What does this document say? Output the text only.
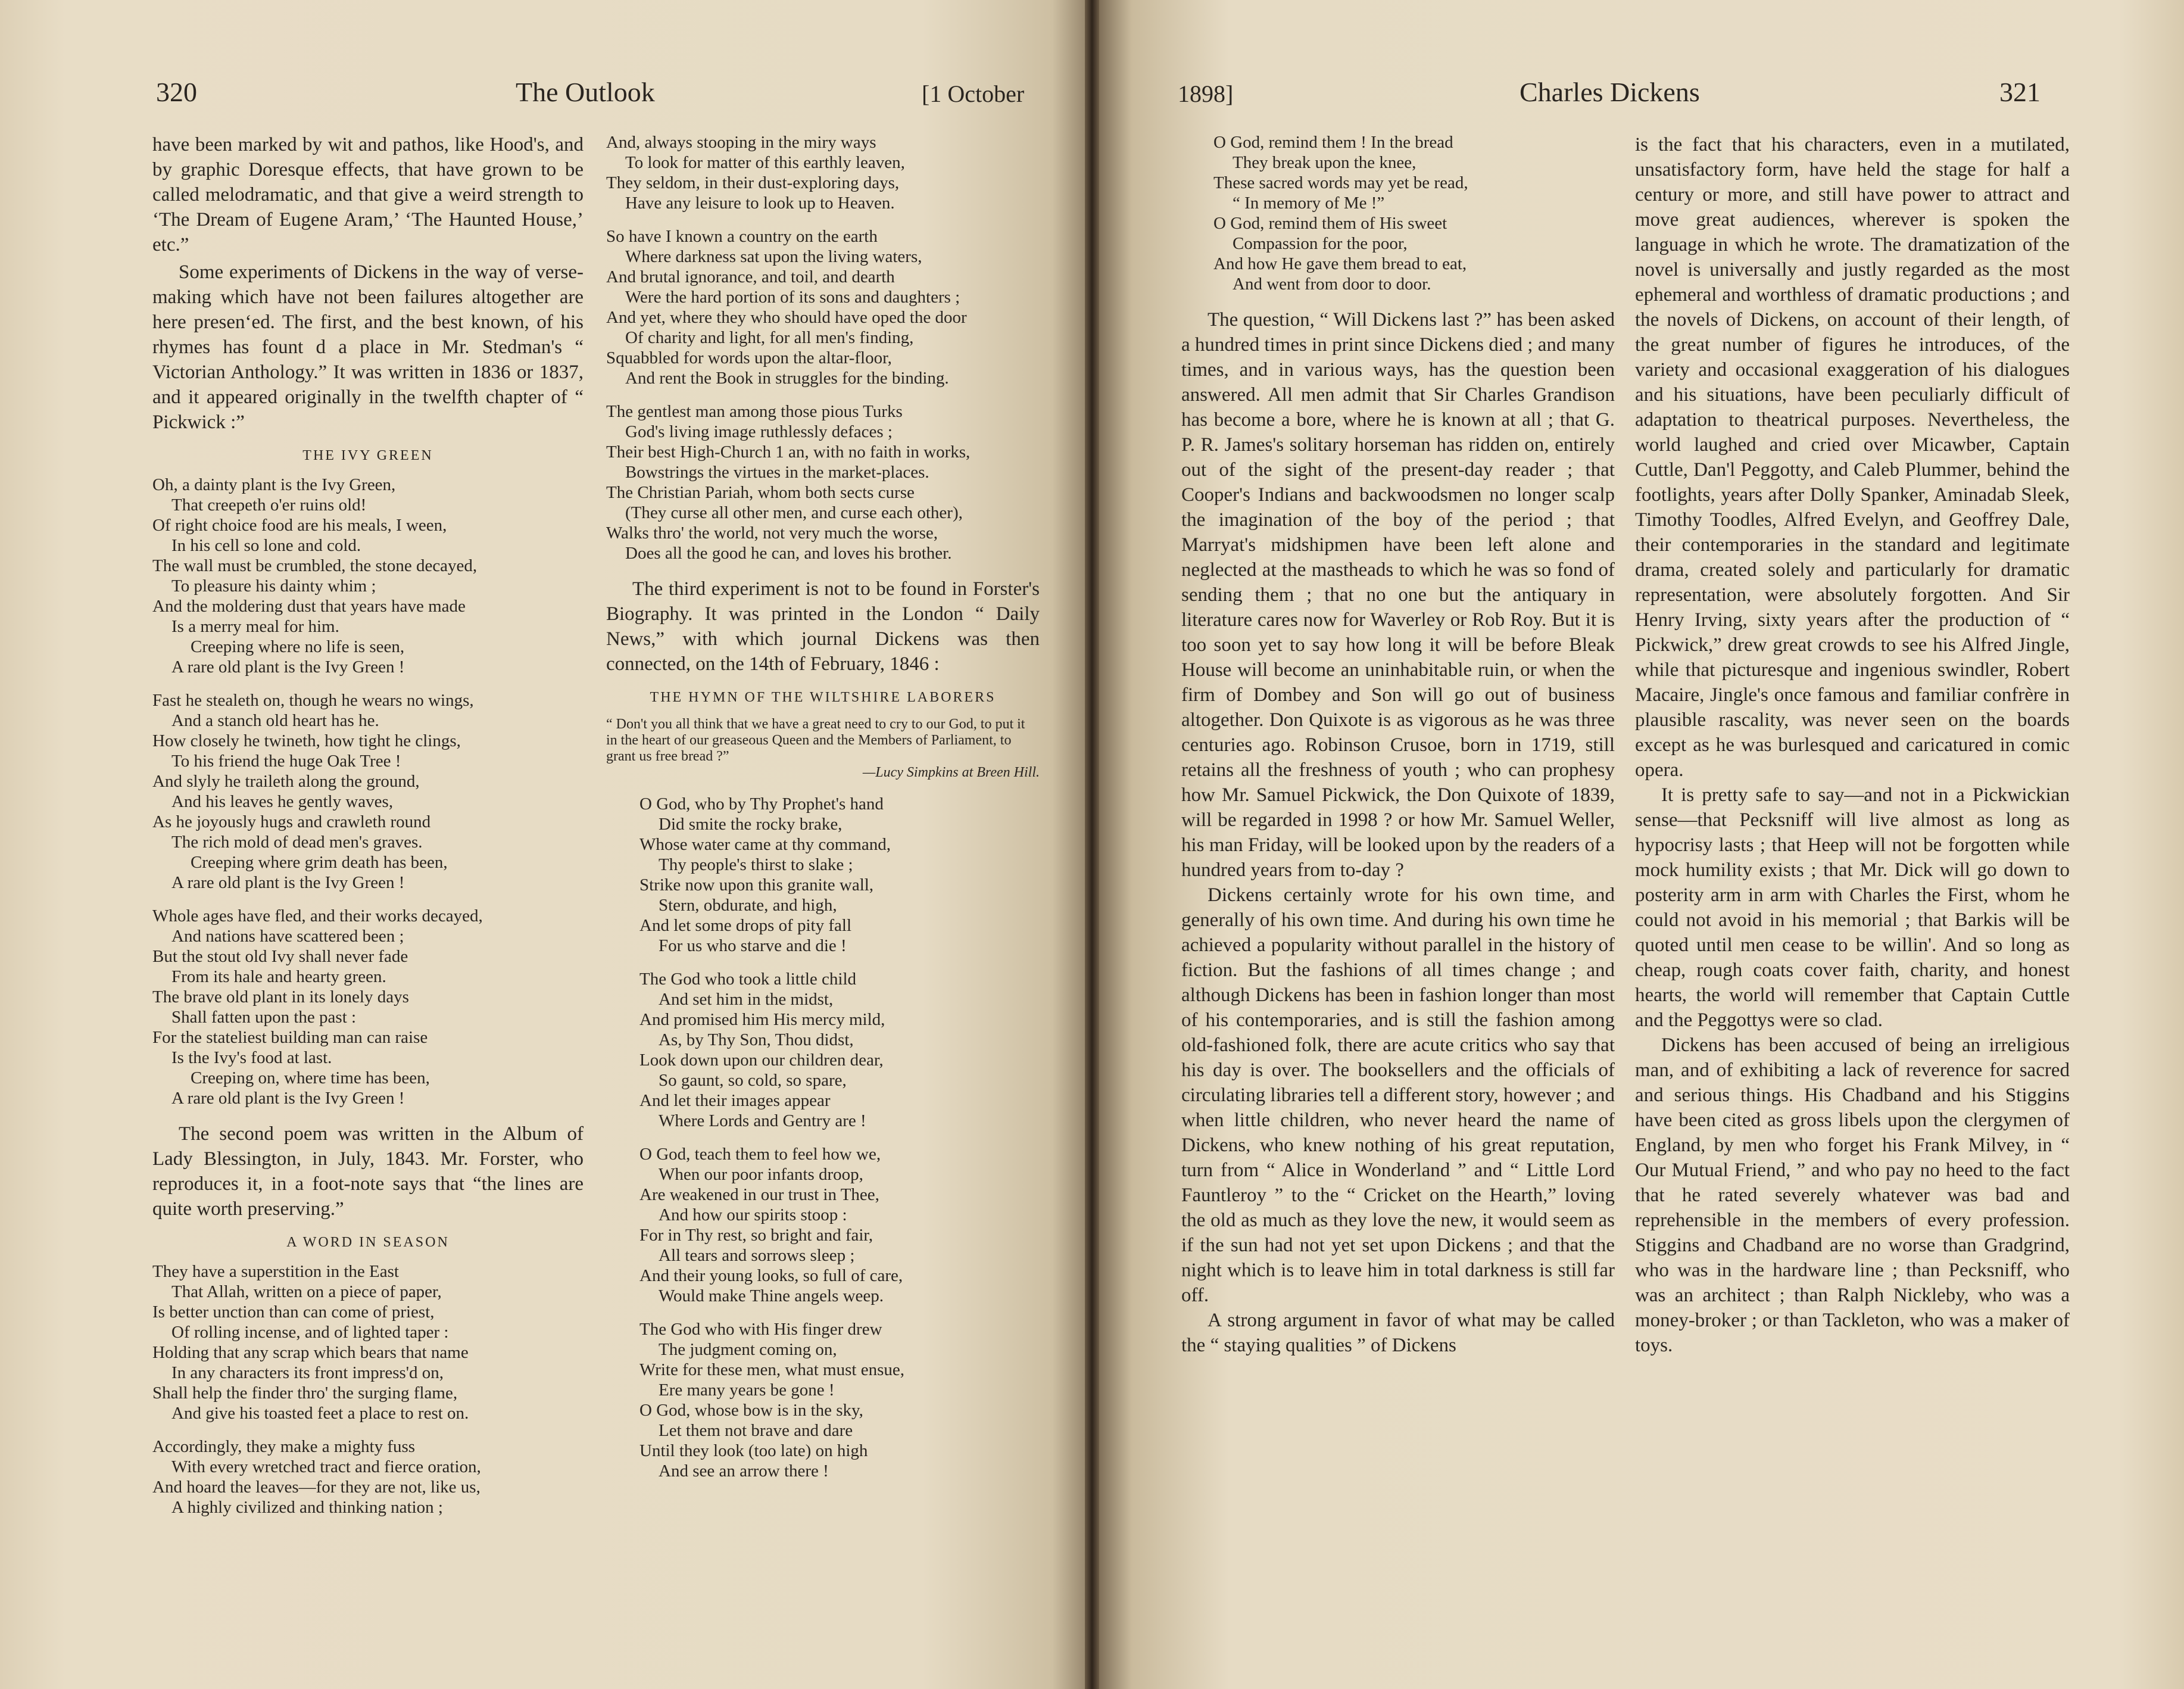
320	The Outlook	[1 October

have been marked by wit and pathos, like Hood's, and by graphic Doresque effects, that have grown to be called melodramatic, and that give a weird strength to ‘The Dream of Eugene Aram,’ ‘The Haunted House,’ etc.”

Some experiments of Dickens in the way of verse-making which have not been failures altogether are here presen‘ed. The first, and the best known, of his rhymes has fount d a place in Mr. Stedman's “ Victorian Anthology.” It was written in 1836 or 1837, and it appeared originally in the twelfth chapter of “ Pickwick :”

THE IVY GREEN
Oh, a dainty plant is the Ivy Green,
That creepeth o'er ruins old!
Of right choice food are his meals, I ween,
In his cell so lone and cold.
The wall must be crumbled, the stone decayed,
To pleasure his dainty whim ;
And the moldering dust that years have made
Is a merry meal for him.
Creeping where no life is seen,
A rare old plant is the Ivy Green !
Fast he stealeth on, though he wears no wings,
And a stanch old heart has he.
How closely he twineth, how tight he clings,
To his friend the huge Oak Tree !
And slyly he traileth along the ground,
And his leaves he gently waves,
As he joyously hugs and crawleth round
The rich mold of dead men's graves.
Creeping where grim death has been,
A rare old plant is the Ivy Green !
Whole ages have fled, and their works decayed,
And nations have scattered been ;
But the stout old Ivy shall never fade
From its hale and hearty green.
The brave old plant in its lonely days
Shall fatten upon the past :
For the stateliest building man can raise
Is the Ivy's food at last.
Creeping on, where time has been,
A rare old plant is the Ivy Green !

The second poem was written in the Album of Lady Blessington, in July, 1843. Mr. Forster, who reproduces it, in a foot-note says that “the lines are quite worth preserving.”

A WORD IN SEASON
They have a superstition in the East
That Allah, written on a piece of paper,
Is better unction than can come of priest,
Of rolling incense, and of lighted taper :
Holding that any scrap which bears that name
In any characters its front impress'd on,
Shall help the finder thro' the surging flame,
And give his toasted feet a place to rest on.
Accordingly, they make a mighty fuss
With every wretched tract and fierce oration,
And hoard the leaves—for they are not, like us,
A highly civilized and thinking nation ;
And, always stooping in the miry ways
To look for matter of this earthly leaven,
They seldom, in their dust-exploring days,
Have any leisure to look up to Heaven.
So have I known a country on the earth
Where darkness sat upon the living waters,
And brutal ignorance, and toil, and dearth
Were the hard portion of its sons and daughters ;
And yet, where they who should have oped the door
Of charity and light, for all men's finding,
Squabbled for words upon the altar-floor,
And rent the Book in struggles for the binding.
The gentlest man among those pious Turks
God's living image ruthlessly defaces ;
Their best High-Church 1 an, with no faith in works,
Bowstrings the virtues in the market-places.
The Christian Pariah, whom both sects curse
(They curse all other men, and curse each other),
Walks thro' the world, not very much the worse,
Does all the good he can, and loves his brother.

The third experiment is not to be found in Forster's Biography. It was printed in the London “ Daily News,” with which journal Dickens was then connected, on the 14th of February, 1846 :

THE HYMN OF THE WILTSHIRE LABORERS
“ Don't you all think that we have a great need to cry to our God, to put it in the heart of our greaseous Queen and the Members of Parliament, to grant us free bread ?”
—Lucy Simpkins at Breen Hill.
O God, who by Thy Prophet's hand
Did smite the rocky brake,
Whose water came at thy command,
Thy people's thirst to slake ;
Strike now upon this granite wall,
Stern, obdurate, and high,
And let some drops of pity fall
For us who starve and die !
The God who took a little child
And set him in the midst,
And promised him His mercy mild,
As, by Thy Son, Thou didst,
Look down upon our children dear,
So gaunt, so cold, so spare,
And let their images appear
Where Lords and Gentry are !
O God, teach them to feel how we,
When our poor infants droop,
Are weakened in our trust in Thee,
And how our spirits stoop :
For in Thy rest, so bright and fair,
All tears and sorrows sleep ;
And their young looks, so full of care,
Would make Thine angels weep.
The God who with His finger drew
The judgment coming on,
Write for these men, what must ensue,
Ere many years be gone !
O God, whose bow is in the sky,
Let them not brave and dare
Until they look (too late) on high
And see an arrow there !
1898]	Charles Dickens	321
O God, remind them ! In the bread
They break upon the knee,
These sacred words may yet be read,
“ In memory of Me !”
O God, remind them of His sweet
Compassion for the poor,
And how He gave them bread to eat,
And went from door to door.

The question, “ Will Dickens last ?” has been asked a hundred times in print since Dickens died ; and many times, and in various ways, has the question been answered. All men admit that Sir Charles Grandison has become a bore, where he is known at all ; that G. P. R. James's solitary horseman has ridden on, entirely out of the sight of the present-day reader ; that Cooper's Indians and backwoodsmen no longer scalp the imagination of the boy of the period ; that Marryat's midshipmen have been left alone and neglected at the mastheads to which he was so fond of sending them ; that no one but the antiquary in literature cares now for Waverley or Rob Roy. But it is too soon yet to say how long it will be before Bleak House will become an uninhabitable ruin, or when the firm of Dombey and Son will go out of business altogether. Don Quixote is as vigorous as he was three centuries ago. Robinson Crusoe, born in 1719, still retains all the freshness of youth ; who can prophesy how Mr. Samuel Pickwick, the Don Quixote of 1839, will be regarded in 1998 ? or how Mr. Samuel Weller, his man Friday, will be looked upon by the readers of a hundred years from to-day ?

Dickens certainly wrote for his own time, and generally of his own time. And during his own time he achieved a popularity without parallel in the history of fiction. But the fashions of all times change ; and although Dickens has been in fashion longer than most of his contemporaries, and is still the fashion among old-fashioned folk, there are acute critics who say that his day is over. The booksellers and the officials of circulating libraries tell a different story, however ; and when little children, who never heard the name of Dickens, who knew nothing of his great reputation, turn from “ Alice in Wonderland ” and “ Little Lord Fauntleroy ” to the “ Cricket on the Hearth,” loving the old as much as they love the new, it would seem as if the sun had not yet set upon Dickens ; and that the night which is to leave him in total darkness is still far off.

A strong argument in favor of what may be called the “ staying qualities ” of Dickens

is the fact that his characters, even in a mutilated, unsatisfactory form, have held the stage for half a century or more, and still have power to attract and move great audiences, wherever is spoken the language in which he wrote. The dramatization of the novel is universally and justly regarded as the most ephemeral and worthless of dramatic productions ; and the novels of Dickens, on account of their length, of the great number of figures he introduces, of the variety and occasional exaggeration of his dialogues and his situations, have been peculiarly difficult of adaptation to theatrical purposes. Nevertheless, the world laughed and cried over Micawber, Captain Cuttle, Dan'l Peggotty, and Caleb Plummer, behind the footlights, years after Dolly Spanker, Aminadab Sleek, Timothy Toodles, Alfred Evelyn, and Geoffrey Dale, their contemporaries in the standard and legitimate drama, created solely and particularly for dramatic representation, were absolutely forgotten. And Sir Henry Irving, sixty years after the production of “ Pickwick,” drew great crowds to see his Alfred Jingle, while that picturesque and ingenious swindler, Robert Macaire, Jingle's once famous and familiar confrère in plausible rascality, was never seen on the boards except as he was burlesqued and caricatured in comic opera.

It is pretty safe to say—and not in a Pickwickian sense—that Pecksniff will live almost as long as hypocrisy lasts ; that Heep will not be forgotten while mock humility exists ; that Mr. Dick will go down to posterity arm in arm with Charles the First, whom he could not avoid in his memorial ; that Barkis will be quoted until men cease to be willin'. And so long as cheap, rough coats cover faith, charity, and honest hearts, the world will remember that Captain Cuttle and the Peggottys were so clad.

Dickens has been accused of being an irreligious man, and of exhibiting a lack of reverence for sacred and serious things. His Chadband and his Stiggins have been cited as gross libels upon the clergymen of England, by men who forget his Frank Milvey, in “ Our Mutual Friend, ” and who pay no heed to the fact that he rated severely whatever was bad and reprehensible in the members of every profession. Stiggins and Chadband are no worse than Gradgrind, who was in the hardware line ; than Pecksniff, who was an architect ; than Ralph Nickleby, who was a money-broker ; or than Tackleton, who was a maker of toys.
